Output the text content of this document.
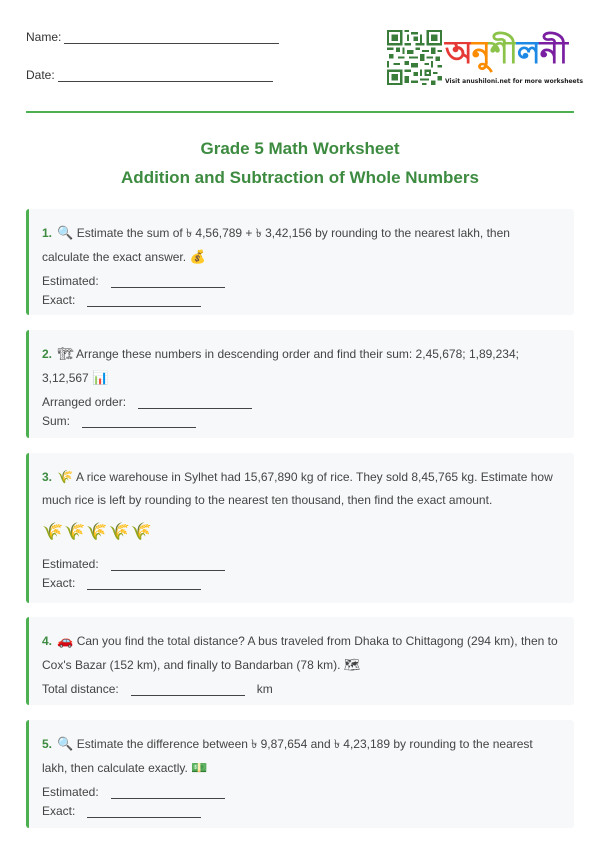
Name:
Date:
অনুশীলনী
Visit anushiloni.net for more worksheets
Grade 5 Math Worksheet
Addition and Subtraction of Whole Numbers
1. 🔍 Estimate the sum of ৳ 4,56,789 + ৳ 3,42,156 by rounding to the nearest lakh, then calculate the exact answer. 💰
Estimated:
Exact:
2. 🏗 Arrange these numbers in descending order and find their sum: 2,45,678; 1,89,234; 3,12,567 📊
Arranged order:
Sum:
3. 🌾 A rice warehouse in Sylhet had 15,67,890 kg of rice. They sold 8,45,765 kg. Estimate how much rice is left by rounding to the nearest ten thousand, then find the exact amount.
🌾🌾🌾🌾🌾
Estimated:
Exact:
4. 🚗 Can you find the total distance? A bus traveled from Dhaka to Chittagong (294 km), then to Cox's Bazar (152 km), and finally to Bandarban (78 km). 🗺
Total distance:	km
5. 🔍 Estimate the difference between ৳ 9,87,654 and ৳ 4,23,189 by rounding to the nearest lakh, then calculate exactly. 💵
Estimated:
Exact:
